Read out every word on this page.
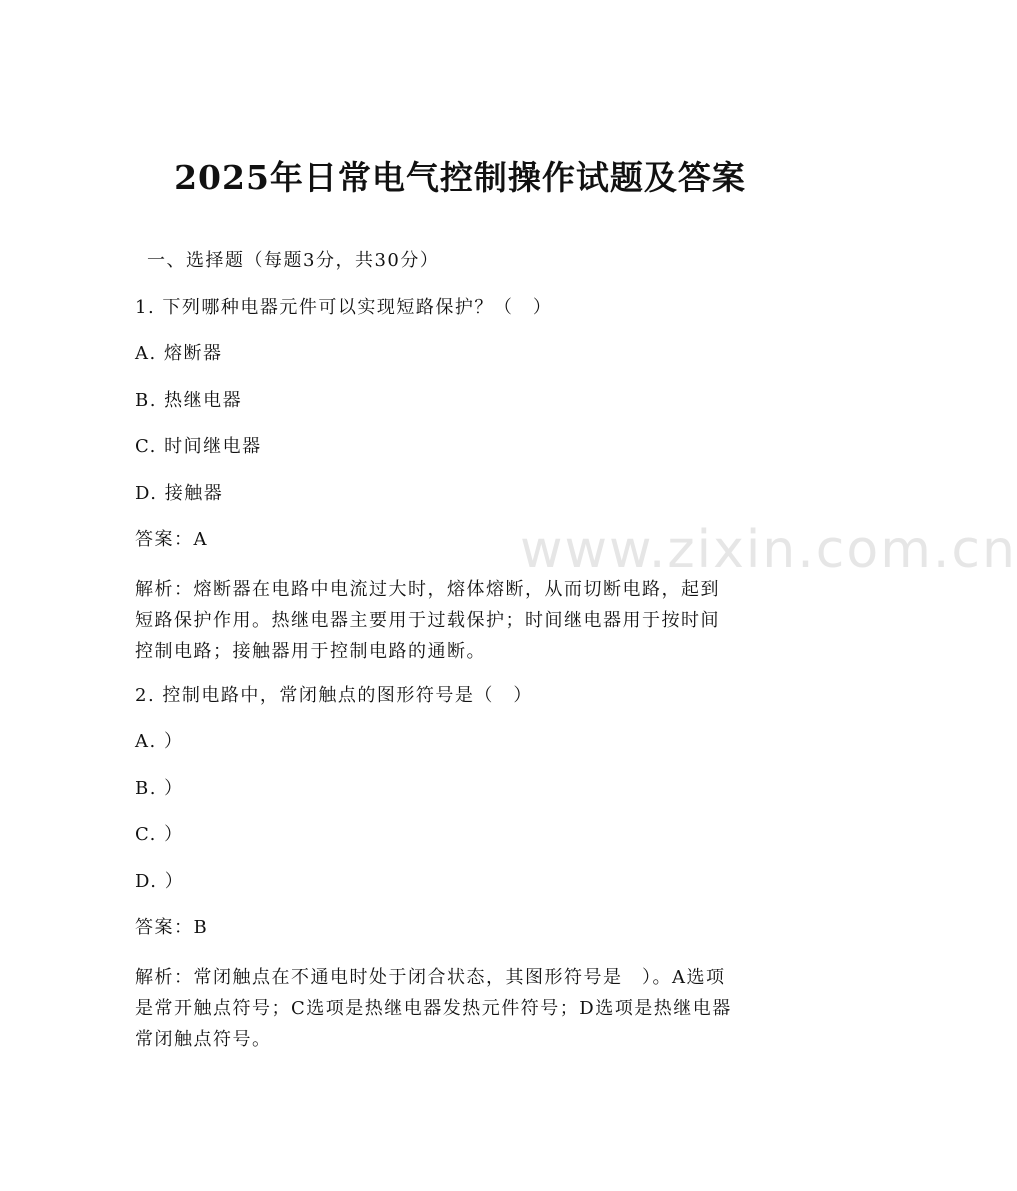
www.zixin.com.cn
2025年日常电气控制操作试题及答案
一、选择题（每题3分，共30分）
1. 下列哪种电器元件可以实现短路保护？（　）
A. 熔断器
B. 热继电器
C. 时间继电器
D. 接触器
答案：A
解析：熔断器在电路中电流过大时，熔体熔断，从而切断电路，起到
短路保护作用。热继电器主要用于过载保护；时间继电器用于按时间
控制电路；接触器用于控制电路的通断。
2. 控制电路中，常闭触点的图形符号是（　）
A. ）
B. ）
C. ）
D. ）
答案：B
解析：常闭触点在不通电时处于闭合状态，其图形符号是　）。A选项
是常开触点符号；C选项是热继电器发热元件符号；D选项是热继电器
常闭触点符号。
